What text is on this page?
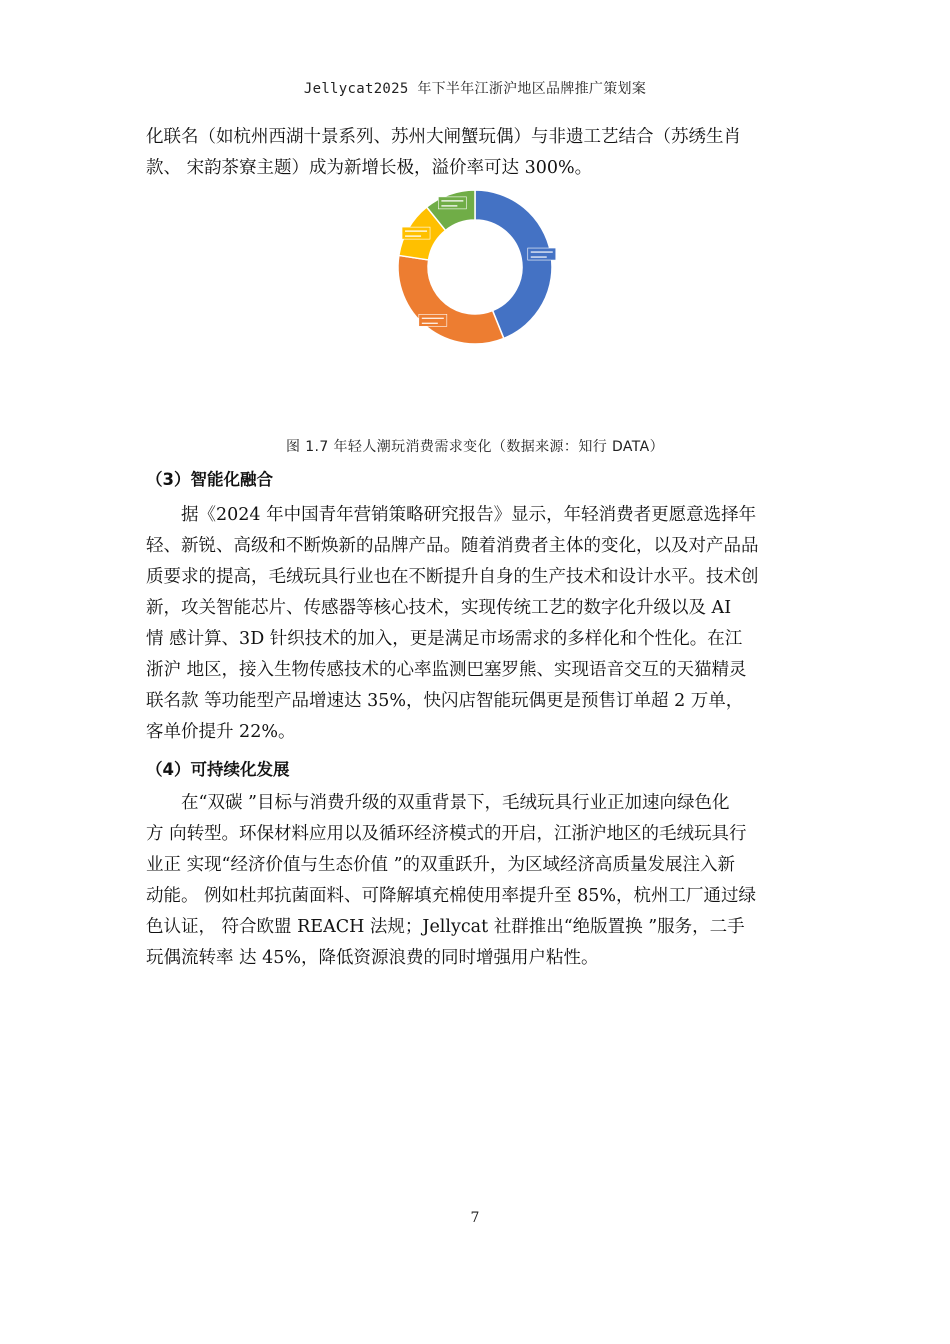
Jellycat2025 年下半年江浙沪地区品牌推广策划案

化联名（如杭州西湖十景系列、苏州大闸蟹玩偶）与非遗工艺结合（苏绣生肖
款、 宋韵茶寮主题）成为新增长极，溢价率可达 300%。

图 1.7 年轻人潮玩消费需求变化（数据来源：知行 DATA）
（3）智能化融合

据《2024 年中国青年营销策略研究报告》显示，年轻消费者更愿意选择年
轻、新锐、高级和不断焕新的品牌产品。随着消费者主体的变化，以及对产品品
质要求的提高，毛绒玩具行业也在不断提升自身的生产技术和设计水平。技术创
新，攻关智能芯片、传感器等核心技术，实现传统工艺的数字化升级以及 AI
情 感计算、3D 针织技术的加入，更是满足市场需求的多样化和个性化。在江
浙沪 地区，接入生物传感技术的心率监测巴塞罗熊、实现语音交互的天猫精灵
联名款 等功能型产品增速达 35%，快闪店智能玩偶更是预售订单超 2 万单，
客单价提升 22%。

（4）可持续化发展

在“双碳 ”目标与消费升级的双重背景下，毛绒玩具行业正加速向绿色化
方 向转型。环保材料应用以及循环经济模式的开启，江浙沪地区的毛绒玩具行
业正 实现“经济价值与生态价值 ”的双重跃升，为区域经济高质量发展注入新
动能。 例如杜邦抗菌面料、可降解填充棉使用率提升至 85%，杭州工厂通过绿
色认证， 符合欧盟 REACH 法规；Jellycat 社群推出“绝版置换 ”服务，二手
玩偶流转率 达 45%，降低资源浪费的同时增强用户粘性。

7
